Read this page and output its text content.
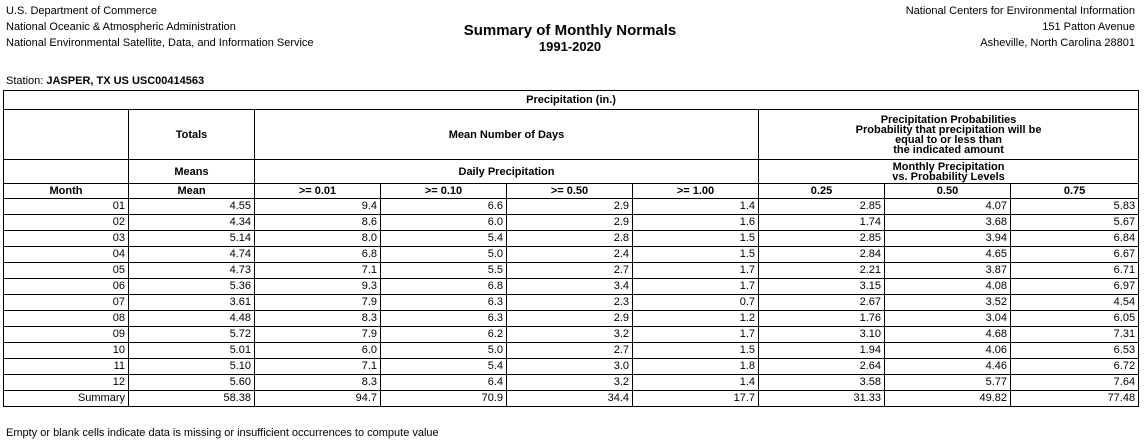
U.S. Department of Commerce
National Oceanic & Atmospheric Administration
National Environmental Satellite, Data, and Information Service
Summary of Monthly Normals
1991-2020
National Centers for Environmental Information
151 Patton Avenue
Asheville, North Carolina 28801
Station: JASPER, TX US USC00414563
Precipitation (in.)								
	Totals	Mean Number of Days				Precipitation Probabilities
Probability that precipitation will be
equal to or less than
the indicated amount		

	Means	Daily Precipitation				Monthly Precipitation
vs. Probability Levels		

Month	Mean	>= 0.01	>= 0.10	>= 0.50	>= 1.00	0.25	0.50	0.75
01	4.55	9.4	6.6	2.9	1.4	2.85	4.07	5.83
02	4.34	8.6	6.0	2.9	1.6	1.74	3.68	5.67
03	5.14	8.0	5.4	2.8	1.5	2.85	3.94	6.84
04	4.74	6.8	5.0	2.4	1.5	2.84	4.65	6.67
05	4.73	7.1	5.5	2.7	1.7	2.21	3.87	6.71
06	5.36	9.3	6.8	3.4	1.7	3.15	4.08	6.97
07	3.61	7.9	6.3	2.3	0.7	2.67	3.52	4.54
08	4.48	8.3	6.3	2.9	1.2	1.76	3.04	6.05
09	5.72	7.9	6.2	3.2	1.7	3.10	4.68	7.31
10	5.01	6.0	5.0	2.7	1.5	1.94	4.06	6.53
11	5.10	7.1	5.4	3.0	1.8	2.64	4.46	6.72
12	5.60	8.3	6.4	3.2	1.4	3.58	5.77	7.64
Summary	58.38	94.7	70.9	34.4	17.7	31.33	49.82	77.48
Empty or blank cells indicate data is missing or insufficient occurrences to compute value
